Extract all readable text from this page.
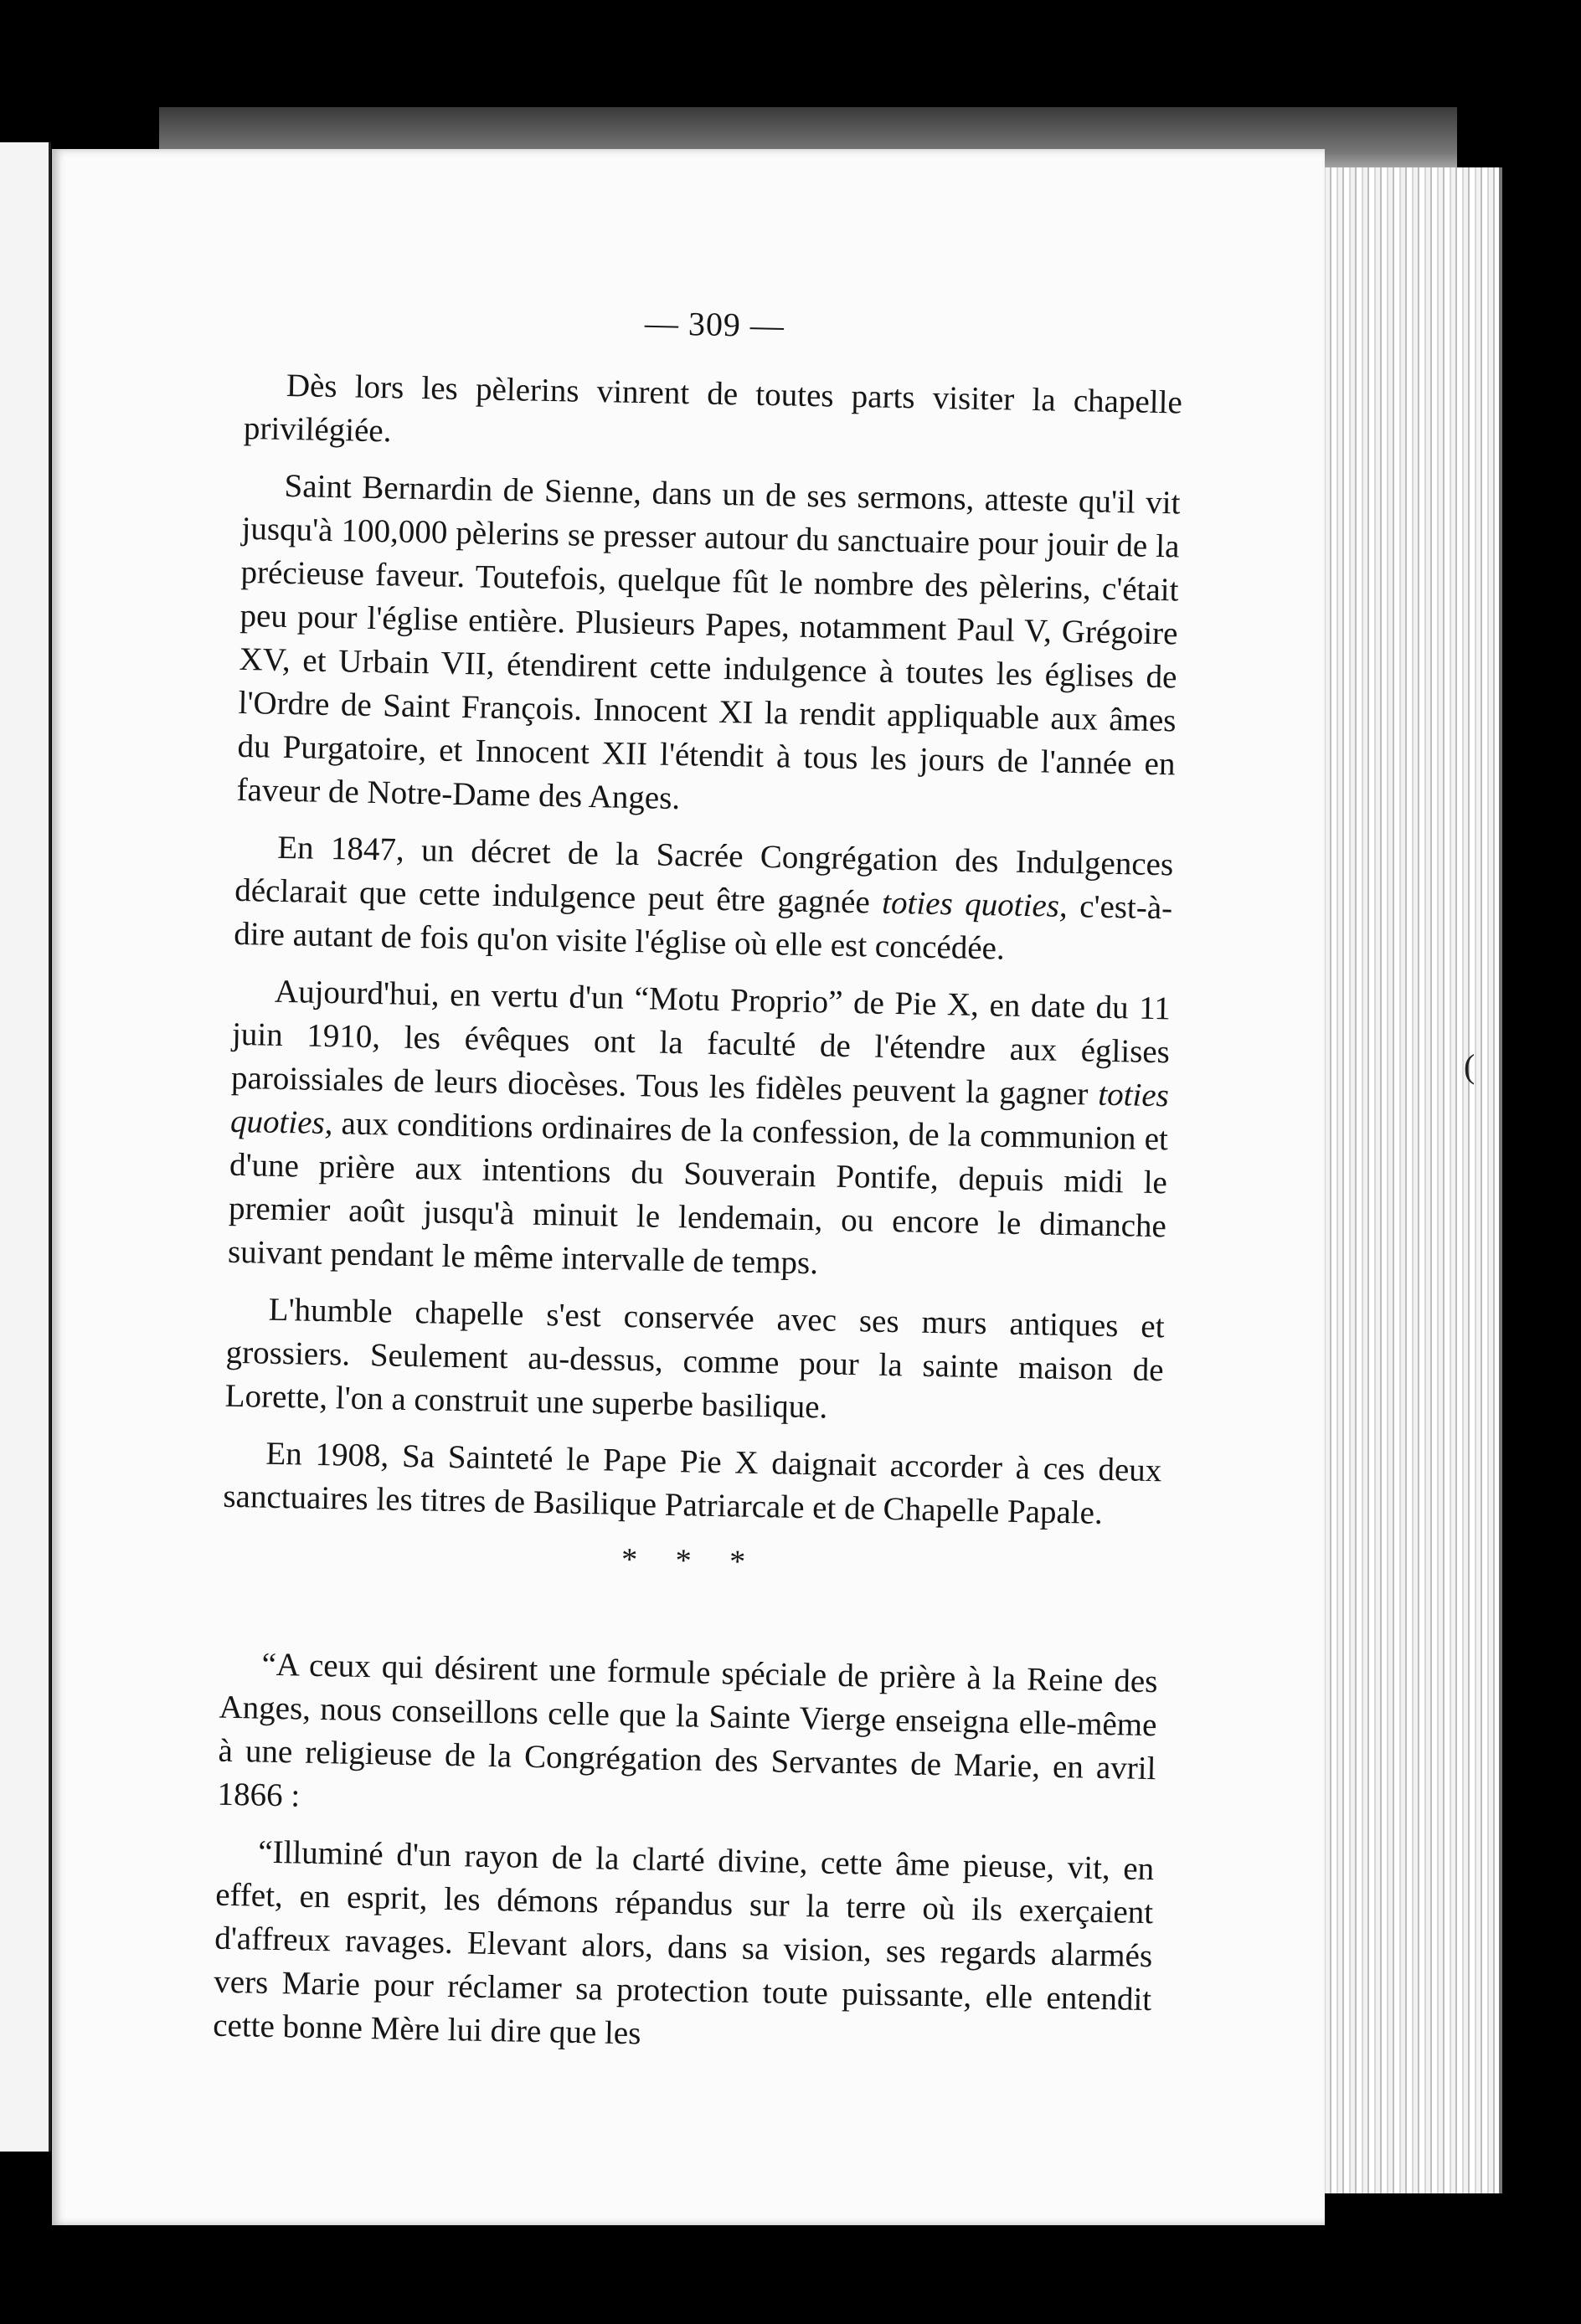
— 309 —

Dès lors les pèlerins vinrent de toutes parts visiter la chapelle privilégiée.

Saint Bernardin de Sienne, dans un de ses sermons, atteste qu'il vit jusqu'à 100,000 pèlerins se presser autour du sanctuaire pour jouir de la précieuse faveur. Toutefois, quelque fût le nombre des pèlerins, c'était peu pour l'église entière. Plusieurs Papes, notamment Paul V, Grégoire XV, et Urbain VII, étendirent cette indulgence à toutes les églises de l'Ordre de Saint François. Innocent XI la rendit appliquable aux âmes du Purgatoire, et Innocent XII l'étendit à tous les jours de l'année en faveur de Notre-Dame des Anges.

En 1847, un décret de la Sacrée Congrégation des Indulgences déclarait que cette indulgence peut être gagnée toties quoties, c'est-à-dire autant de fois qu'on visite l'église où elle est concédée.

Aujourd'hui, en vertu d'un “Motu Proprio” de Pie X, en date du 11 juin 1910, les évêques ont la faculté de l'étendre aux églises paroissiales de leurs diocèses. Tous les fidèles peuvent la gagner toties quoties, aux conditions ordinaires de la confession, de la communion et d'une prière aux intentions du Souverain Pontife, depuis midi le premier août jusqu'à minuit le lendemain, ou encore le dimanche suivant pendant le même intervalle de temps.

L'humble chapelle s'est conservée avec ses murs antiques et grossiers. Seulement au-dessus, comme pour la sainte maison de Lorette, l'on a construit une superbe basilique.

En 1908, Sa Sainteté le Pape Pie X daignait accorder à ces deux sanctuaires les titres de Basilique Patriarcale et de Chapelle Papale.

* * *

“A ceux qui désirent une formule spéciale de prière à la Reine des Anges, nous conseillons celle que la Sainte Vierge enseigna elle-même à une religieuse de la Congrégation des Servantes de Marie, en avril 1866 :

“Illuminé d'un rayon de la clarté divine, cette âme pieuse, vit, en effet, en esprit, les démons répandus sur la terre où ils exerçaient d'affreux ravages. Elevant alors, dans sa vision, ses regards alarmés vers Marie pour réclamer sa protection toute puissante, elle entendit cette bonne Mère lui dire que les

(
